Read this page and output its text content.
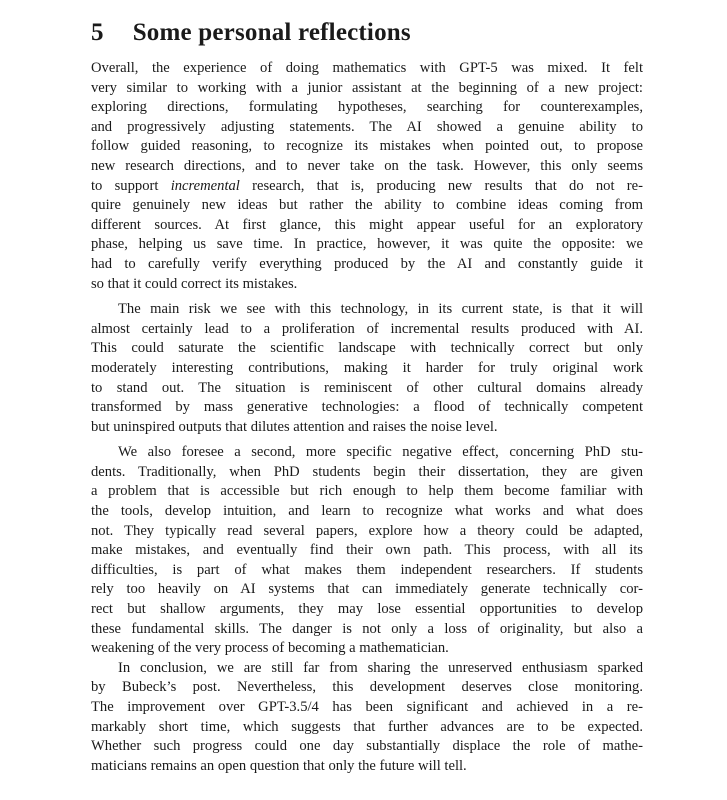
5 Some personal reflections
Overall, the experience of doing mathematics with GPT-5 was mixed. It felt
very similar to working with a junior assistant at the beginning of a new project:
exploring directions, formulating hypotheses, searching for counterexamples,
and progressively adjusting statements. The AI showed a genuine ability to
follow guided reasoning, to recognize its mistakes when pointed out, to propose
new research directions, and to never take on the task. However, this only seems
to support incremental research, that is, producing new results that do not re-
quire genuinely new ideas but rather the ability to combine ideas coming from
different sources. At first glance, this might appear useful for an exploratory
phase, helping us save time. In practice, however, it was quite the opposite: we
had to carefully verify everything produced by the AI and constantly guide it
so that it could correct its mistakes.
The main risk we see with this technology, in its current state, is that it will
almost certainly lead to a proliferation of incremental results produced with AI.
This could saturate the scientific landscape with technically correct but only
moderately interesting contributions, making it harder for truly original work
to stand out. The situation is reminiscent of other cultural domains already
transformed by mass generative technologies: a flood of technically competent
but uninspired outputs that dilutes attention and raises the noise level.
We also foresee a second, more specific negative effect, concerning PhD stu-
dents. Traditionally, when PhD students begin their dissertation, they are given
a problem that is accessible but rich enough to help them become familiar with
the tools, develop intuition, and learn to recognize what works and what does
not. They typically read several papers, explore how a theory could be adapted,
make mistakes, and eventually find their own path. This process, with all its
difficulties, is part of what makes them independent researchers. If students
rely too heavily on AI systems that can immediately generate technically cor-
rect but shallow arguments, they may lose essential opportunities to develop
these fundamental skills. The danger is not only a loss of originality, but also a
weakening of the very process of becoming a mathematician.
In conclusion, we are still far from sharing the unreserved enthusiasm sparked
by Bubeck’s post. Nevertheless, this development deserves close monitoring.
The improvement over GPT-3.5/4 has been significant and achieved in a re-
markably short time, which suggests that further advances are to be expected.
Whether such progress could one day substantially displace the role of mathe-
maticians remains an open question that only the future will tell.
